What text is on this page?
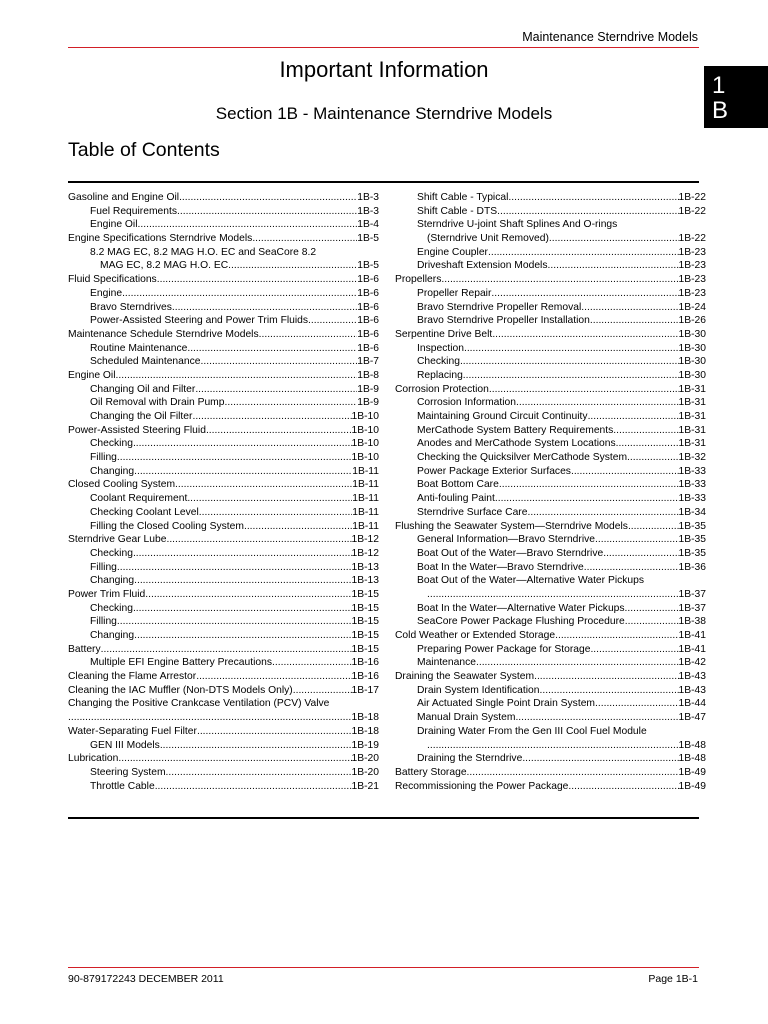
Maintenance Sterndrive Models
1
B
Important Information
Section 1B - Maintenance Sterndrive Models
Table of Contents
Gasoline and Engine Oil .....	1B-3
Fuel Requirements .....	1B-3
Engine Oil .....	1B-4
Engine Specifications Sterndrive Models .....	1B-5
8.2 MAG EC, 8.2 MAG H.O. EC and SeaCore 8.2
MAG EC, 8.2 MAG H.O. EC .....	1B-5
Fluid Specifications .....	1B-6
Engine .....	1B-6
Bravo Sterndrives .....	1B-6
Power-Assisted Steering and Power Trim Fluids .....	1B-6
Maintenance Schedule Sterndrive Models .....	1B-6
Routine Maintenance .....	1B-6
Scheduled Maintenance .....	1B-7
Engine Oil .....	1B-8
Changing Oil and Filter .....	1B-9
Oil Removal with Drain Pump .....	1B-9
Changing the Oil Filter .....	1B-10
Power-Assisted Steering Fluid .....	1B-10
Checking .....	1B-10
Filling .....	1B-10
Changing .....	1B-11
Closed Cooling System .....	1B-11
Coolant Requirement .....	1B-11
Checking Coolant Level .....	1B-11
Filling the Closed Cooling System .....	1B-11
Sterndrive Gear Lube .....	1B-12
Checking .....	1B-12
Filling .....	1B-13
Changing .....	1B-13
Power Trim Fluid .....	1B-15
Checking .....	1B-15
Filling .....	1B-15
Changing .....	1B-15
Battery .....	1B-15
Multiple EFI Engine Battery Precautions .....	1B-16
Cleaning the Flame Arrestor .....	1B-16
Cleaning the IAC Muffler (Non-DTS Models Only) .....	1B-17
Changing the Positive Crankcase Ventilation (PCV) Valve
.....
1B-18
Water-Separating Fuel Filter .....	1B-18
GEN III Models .....	1B-19
Lubrication .....	1B-20
Steering System .....	1B-20
Throttle Cable .....	1B-21
Shift Cable - Typical .....	1B-22
Shift Cable - DTS .....	1B-22
Sterndrive U-joint Shaft Splines And O-rings
(Sterndrive Unit Removed) .....	1B-22
Engine Coupler .....	1B-23
Driveshaft Extension Models .....	1B-23
Propellers .....	1B-23
Propeller Repair .....	1B-23
Bravo Sterndrive Propeller Removal .....	1B-24
Bravo Sterndrive Propeller Installation .....	1B-26
Serpentine Drive Belt .....	1B-30
Inspection .....	1B-30
Checking .....	1B-30
Replacing .....	1B-30
Corrosion Protection .....	1B-31
Corrosion Information .....	1B-31
Maintaining Ground Circuit Continuity .....	1B-31
MerCathode System Battery Requirements .....	1B-31
Anodes and MerCathode System Locations .....	1B-31
Checking the Quicksilver MerCathode System .....	1B-32
Power Package Exterior Surfaces .....	1B-33
Boat Bottom Care .....	1B-33
Anti-fouling Paint .....	1B-33
Sterndrive Surface Care .....	1B-34
Flushing the Seawater System—Sterndrive Models .....	1B-35
General Information—Bravo Sterndrive .....	1B-35
Boat Out of the Water—Bravo Sterndrive .....	1B-35
Boat In the Water—Bravo Sterndrive .....	1B-36
Boat Out of the Water—Alternative Water Pickups
.....
1B-37
Boat In the Water—Alternative Water Pickups .....	1B-37
SeaCore Power Package Flushing Procedure .....	1B-38
Cold Weather or Extended Storage .....	1B-41
Preparing Power Package for Storage .....	1B-41
Maintenance .....	1B-42
Draining the Seawater System .....	1B-43
Drain System Identification .....	1B-43
Air Actuated Single Point Drain System .....	1B-44
Manual Drain System .....	1B-47
Draining Water From the Gen III Cool Fuel Module
.....
1B-48
Draining the Sterndrive .....	1B-48
Battery Storage .....	1B-49
Recommissioning the Power Package .....	1B-49
90-879172243 DECEMBER 2011	Page 1B-1
